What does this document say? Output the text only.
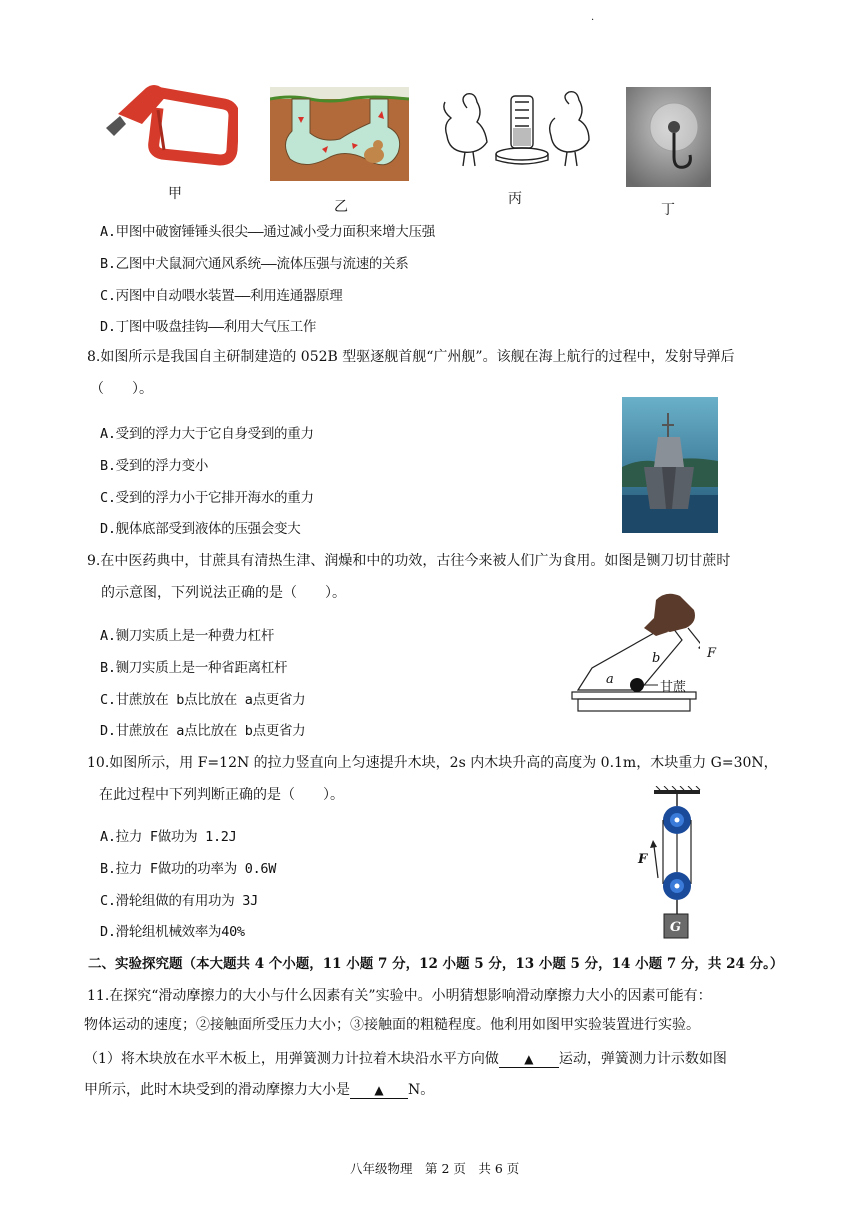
.
甲
乙	丙
丁
A.甲图中破窗锤锤头很尖——通过减小受力面积来增大压强
B.乙图中犬鼠洞穴通风系统——流体压强与流速的关系
C.丙图中自动喂水装置——利用连通器原理
D.丁图中吸盘挂钩——利用大气压工作
8.如图所示是我国自主研制建造的 052B 型驱逐舰首舰“广州舰”。该舰在海上航行的过程中，发射导弹后
（　　）。
A.受到的浮力大于它自身受到的重力
B.受到的浮力变小
C.受到的浮力小于它排开海水的重力
D.舰体底部受到液体的压强会变大
9.在中医药典中，甘蔗具有清热生津、润燥和中的功效，古往今来被人们广为食用。如图是铡刀切甘蔗时
的示意图，下列说法正确的是（　　）。
F
b
a
甘蔗
A.铡刀实质上是一种费力杠杆
B.铡刀实质上是一种省距离杠杆
C.甘蔗放在 b点比放在 a点更省力
D.甘蔗放在 a点比放在 b点更省力
10.如图所示，用 F=12N 的拉力竖直向上匀速提升木块，2s 内木块升高的高度为 0.1m，木块重力 G=30N，
在此过程中下列判断正确的是（　　）。
F
G
A.拉力 F做功为 1.2J
B.拉力 F做功的功率为 0.6W
C.滑轮组做的有用功为 3J
D.滑轮组机械效率为40%
二、实验探究题（本大题共 4 个小题，11 小题 7 分，12 小题 5 分，13 小题 5 分，14 小题 7 分，共 24 分。）
11.在探究“滑动摩擦力的大小与什么因素有关”实验中。小明猜想影响滑动摩擦力大小的因素可能有：
物体运动的速度；②接触面所受压力大小；③接触面的粗糙程度。他利用如图甲实验装置进行实验。
（1）将木块放在水平木板上，用弹簧测力计拉着木块沿水平方向做 ▲ 运动，弹簧测力计示数如图
甲所示，此时木块受到的滑动摩擦力大小是 ▲ N。
八年级物理　第 2 页　共 6 页
